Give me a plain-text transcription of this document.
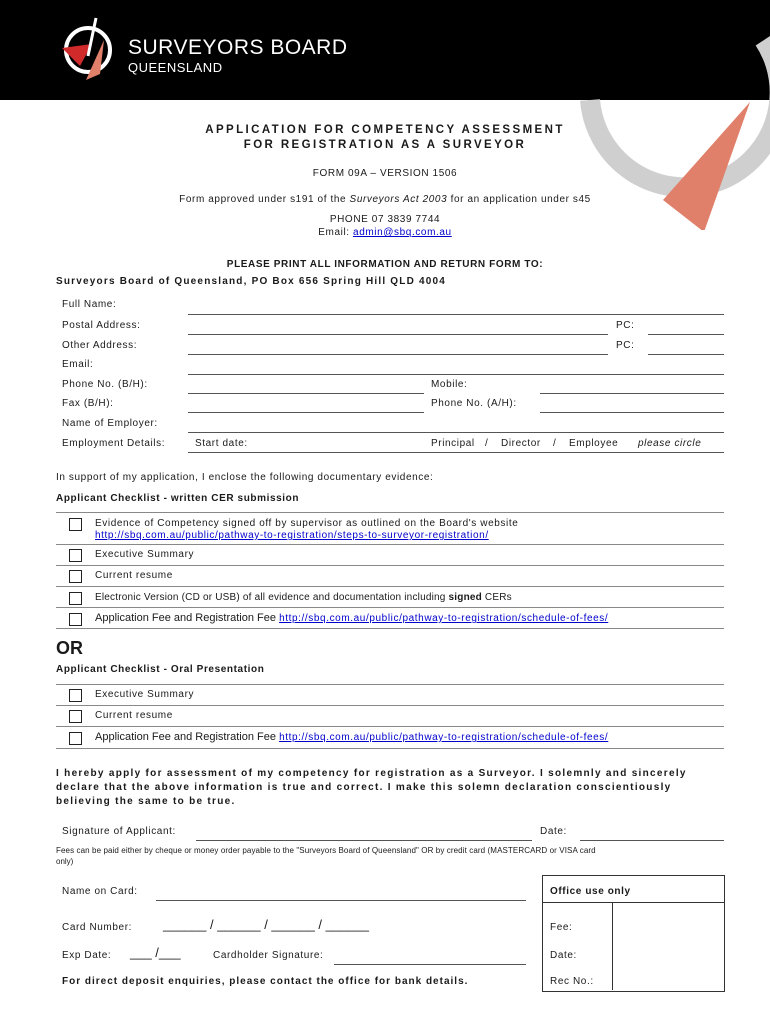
SURVEYORS BOARD
QUEENSLAND
APPLICATION FOR COMPETENCY ASSESSMENT
FOR REGISTRATION AS A SURVEYOR
FORM 09A – VERSION 1506
Form approved under s191 of the Surveyors Act 2003 for an application under s45
PHONE 07 3839 7744
Email: admin@sbq.com.au
PLEASE PRINT ALL INFORMATION AND RETURN FORM TO:
Surveyors Board of Queensland, PO Box 656 Spring Hill QLD 4004
Full Name:
Postal Address:	PC:
Other Address:	PC:
Email:
Phone No. (B/H):	Mobile:
Fax (B/H):	Phone No. (A/H):
Name of Employer:
Employment Details:	Start date:	Principal / Director / Employee please circle
In support of my application, I enclose the following documentary evidence:
Applicant Checklist - written CER submission
Evidence of Competency signed off by supervisor as outlined on the Board's website
http://sbq.com.au/public/pathway-to-registration/steps-to-surveyor-registration/
Executive Summary
Current resume
Electronic Version (CD or USB) of all evidence and documentation including signed CERs
Application Fee and Registration Fee http://sbq.com.au/public/pathway-to-registration/schedule-of-fees/
OR
Applicant Checklist - Oral Presentation
Executive Summary
Current resume
Application Fee and Registration Fee http://sbq.com.au/public/pathway-to-registration/schedule-of-fees/
I hereby apply for assessment of my competency for registration as a Surveyor. I solemnly and sincerely
declare that the above information is true and correct. I make this solemn declaration conscientiously
believing the same to be true.
Signature of Applicant:	Date:
Fees can be paid either by cheque or money order payable to the "Surveyors Board of Queensland" OR by credit card (MASTERCARD or VISA card
only)
Name on Card:
Card Number: ______ / ______ / ______ / ______
Exp Date: ___ /___	Cardholder Signature:
For direct deposit enquiries, please contact the office for bank details.
Office use only
Fee:
Date:
Rec No.:
